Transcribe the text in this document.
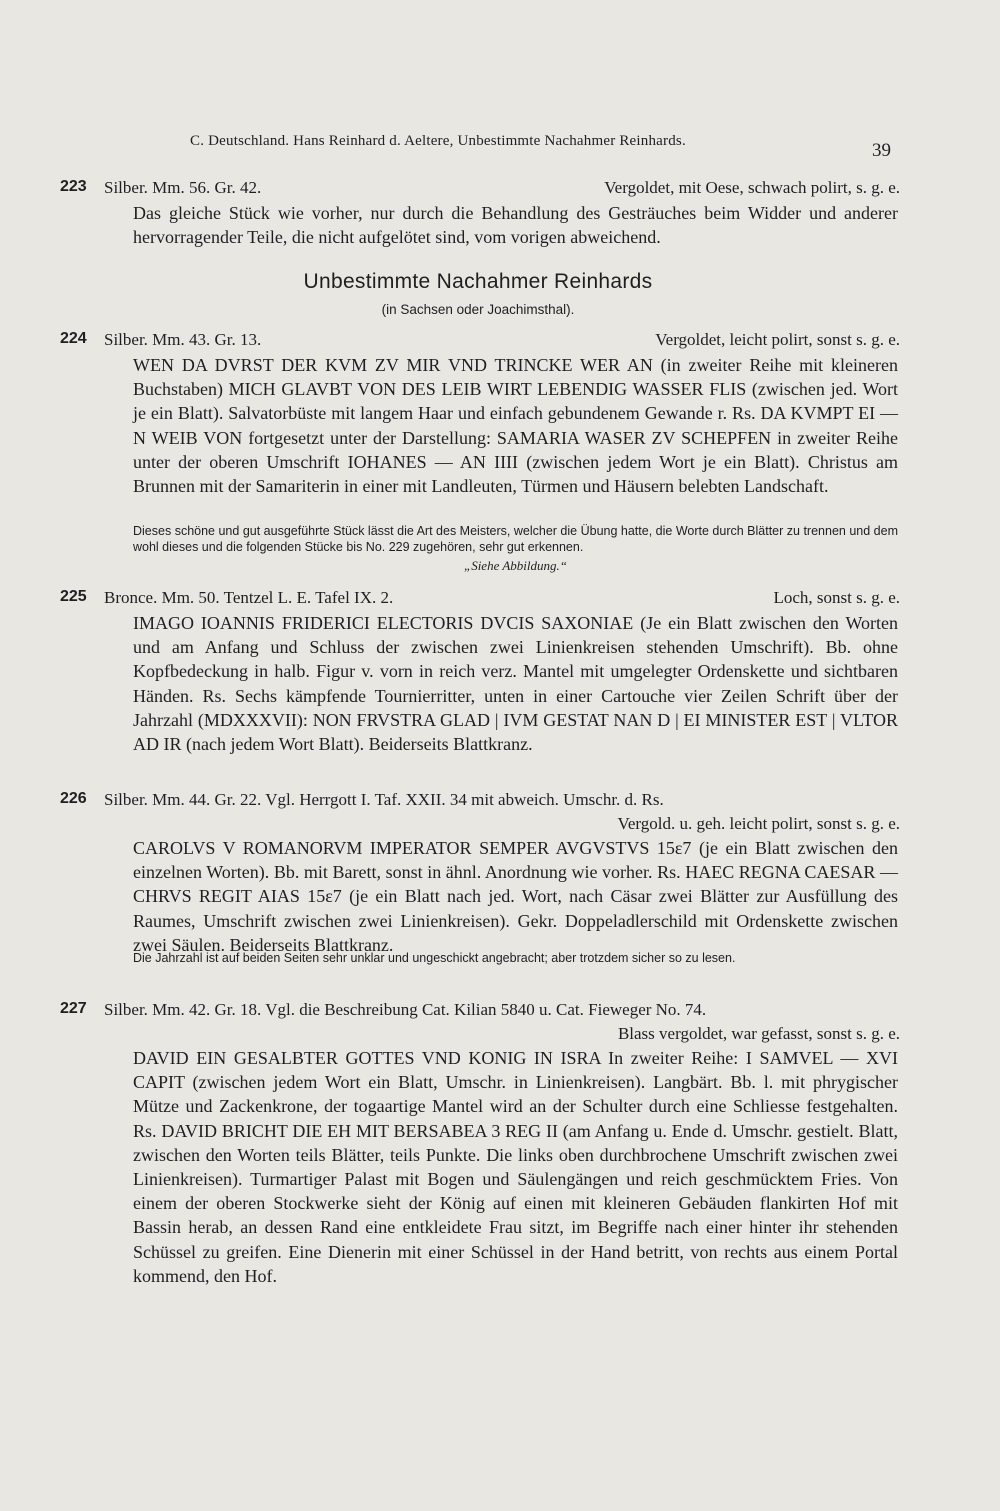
C. Deutschland. Hans Reinhard d. Aeltere, Unbestimmte Nachahmer Reinhards.	39
223	Silber. Mm. 56. Gr. 42.	Vergoldet, mit Oese, schwach polirt, s. g. e.
Das gleiche Stück wie vorher, nur durch die Behandlung des Gesträuches beim Widder und anderer hervorragender Teile, die nicht aufgelötet sind, vom vorigen abweichend.
Unbestimmte Nachahmer Reinhards
(in Sachsen oder Joachimsthal).
224	Silber. Mm. 43. Gr. 13.	Vergoldet, leicht polirt, sonst s. g. e.
WEN DA DVRST DER KVM ZV MIR VND TRINCKE WER AN (in zweiter Reihe mit kleineren Buchstaben) MICH GLAVBT VON DES LEIB WIRT LEBENDIG WASSER FLIS (zwischen jed. Wort je ein Blatt). Salvatorbüste mit langem Haar und einfach gebundenem Gewande r. Rs. DA KVMPT EI — N WEIB VON fortgesetzt unter der Darstellung: SAMARIA WASER ZV SCHEPFEN in zweiter Reihe unter der oberen Umschrift IOHANES — AN IIII (zwischen jedem Wort je ein Blatt). Christus am Brunnen mit der Samariterin in einer mit Landleuten, Türmen und Häusern belebten Landschaft.
Dieses schöne und gut ausgeführte Stück lässt die Art des Meisters, welcher die Übung hatte, die Worte durch Blätter zu trennen und dem wohl dieses und die folgenden Stücke bis No. 229 zugehören, sehr gut erkennen.
„Siehe Abbildung.“
225	Bronce. Mm. 50. Tentzel L. E. Tafel IX. 2.	Loch, sonst s. g. e.
IMAGO IOANNIS FRIDERICI ELECTORIS DVCIS SAXONIAE (Je ein Blatt zwischen den Worten und am Anfang und Schluss der zwischen zwei Linienkreisen stehenden Umschrift). Bb. ohne Kopfbedeckung in halb. Figur v. vorn in reich verz. Mantel mit umgelegter Ordenskette und sichtbaren Händen. Rs. Sechs kämpfende Tournierritter, unten in einer Cartouche vier Zeilen Schrift über der Jahrzahl (MDXXXVII): NON FRVSTRA GLAD | IVM GESTAT NAN D | EI MINISTER EST | VLTOR AD IR (nach jedem Wort Blatt). Beiderseits Blattkranz.
226	Silber. Mm. 44. Gr. 22. Vgl. Herrgott I. Taf. XXII. 34 mit abweich. Umschr. d. Rs.
Vergold. u. geh. leicht polirt, sonst s. g. e.
CAROLVS V ROMANORVM IMPERATOR SEMPER AVGVSTVS 15ε7 (je ein Blatt zwischen den einzelnen Worten). Bb. mit Barett, sonst in ähnl. Anordnung wie vorher. Rs. HAEC REGNA CAESAR — CHRVS REGIT AIAS 15ε7 (je ein Blatt nach jed. Wort, nach Cäsar zwei Blätter zur Ausfüllung des Raumes, Umschrift zwischen zwei Linienkreisen). Gekr. Doppeladlerschild mit Ordenskette zwischen zwei Säulen. Beiderseits Blattkranz.
Die Jahrzahl ist auf beiden Seiten sehr unklar und ungeschickt angebracht; aber trotzdem sicher so zu lesen.
227	Silber. Mm. 42. Gr. 18. Vgl. die Beschreibung Cat. Kilian 5840 u. Cat. Fieweger No. 74.
Blass vergoldet, war gefasst, sonst s. g. e.
DAVID EIN GESALBTER GOTTES VND KONIG IN ISRA In zweiter Reihe: I SAMVEL — XVI CAPIT (zwischen jedem Wort ein Blatt, Umschr. in Linienkreisen). Langbärt. Bb. l. mit phrygischer Mütze und Zackenkrone, der togaartige Mantel wird an der Schulter durch eine Schliesse festgehalten. Rs. DAVID BRICHT DIE EH MIT BERSABEA 3 REG II (am Anfang u. Ende d. Umschr. gestielt. Blatt, zwischen den Worten teils Blätter, teils Punkte. Die links oben durchbrochene Umschrift zwischen zwei Linienkreisen). Turmartiger Palast mit Bogen und Säulengängen und reich geschmücktem Fries. Von einem der oberen Stockwerke sieht der König auf einen mit kleineren Gebäuden flankirten Hof mit Bassin herab, an dessen Rand eine entkleidete Frau sitzt, im Begriffe nach einer hinter ihr stehenden Schüssel zu greifen. Eine Dienerin mit einer Schüssel in der Hand betritt, von rechts aus einem Portal kommend, den Hof.
